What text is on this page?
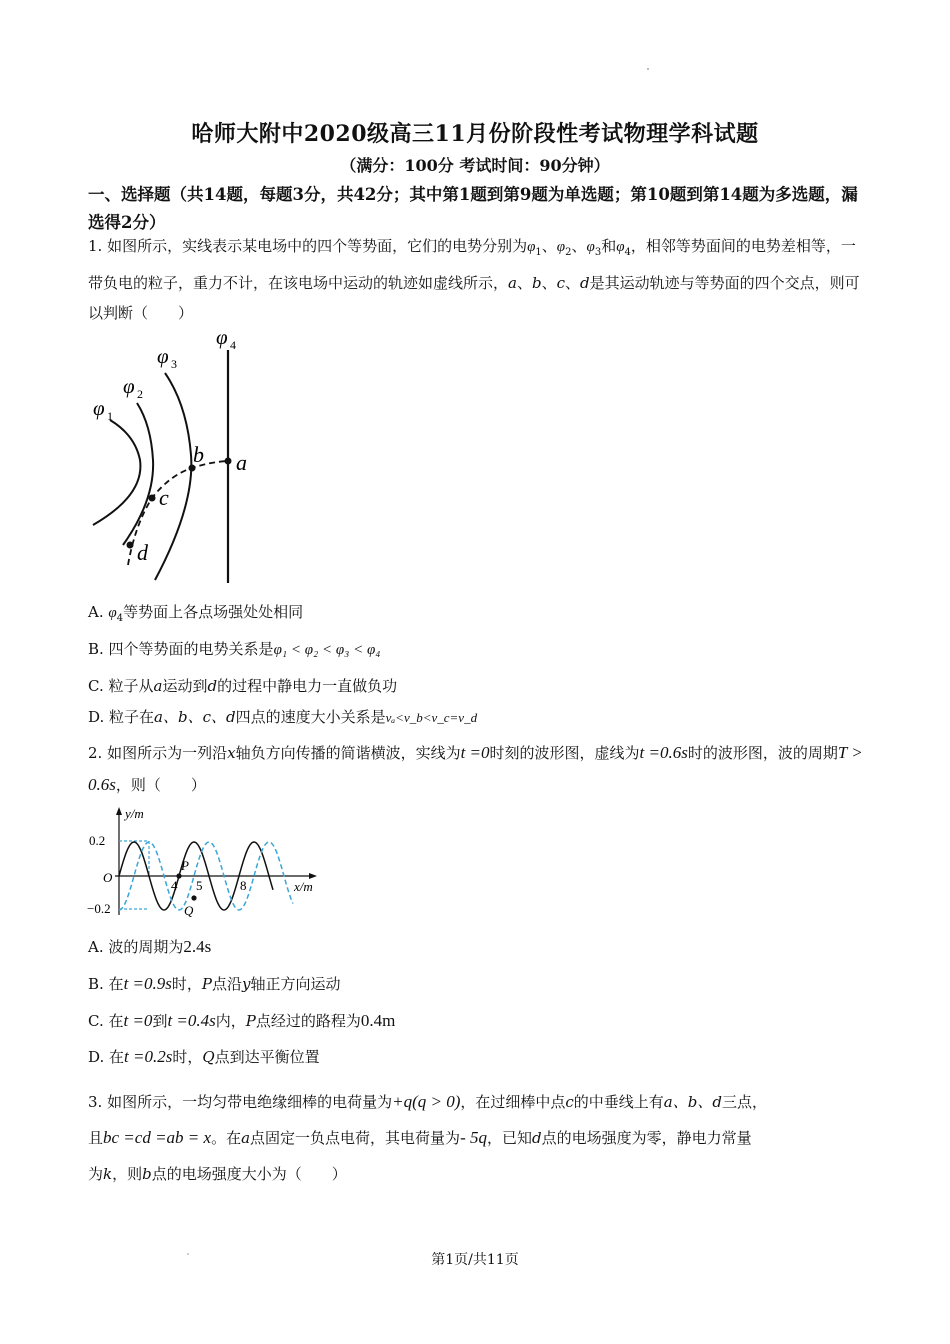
哈师大附中2020级高三11月份阶段性考试物理学科试题
（满分：100分 考试时间：90分钟）
一、选择题（共14题，每题3分，共42分；其中第1题到第9题为单选题；第10题到第14题为多选题，漏选得2分）
1. 如图所示，实线表示某电场中的四个等势面，它们的电势分别为$\varphi_1$、$\varphi_2$、$\varphi_3$和$\varphi_4$，相邻等势面间的电势差相等，一带负电的粒子，重力不计，在该电场中运动的轨迹如虚线所示，a、b、c、d是其运动轨迹与等势面的四个交点，则可以判断（　　）
φ 1
φ 2
φ 3
φ 4
a
b
c
d
A. $\varphi_4$等势面上各点场强处处相同
B. 四个等势面的电势关系是φ₁ < φ₂ < φ₃ < φ₄
C. 粒子从a运动到d的过程中静电力一直做负功
D. 粒子在a、b、c、d四点的速度大小关系是vₐ<v_b<v_c=v_d
2. 如图所示为一列沿x轴负方向传播的简谐横波，实线为t =0时刻的波形图，虚线为t =0.6s时的波形图，波的周期T > 0.6s，则（　　）
y/m
x/m
0.2
−0.2
O
4 5	8
P
Q
A. 波的周期为2.4s
B. 在t =0.9s时，P点沿y轴正方向运动
C. 在t =0到t =0.4s内，P点经过的路程为0.4m
D. 在t =0.2s时，Q点到达平衡位置
3. 如图所示，一均匀带电绝缘细棒的电荷量为+q(q > 0)，在过细棒中点c的中垂线上有a、b、d三点，
且bc =cd =ab = x。在a点固定一负点电荷，其电荷量为- 5q，已知d点的电场强度为零，静电力常量
为k，则b点的电场强度大小为（　　）
第1页/共11页
